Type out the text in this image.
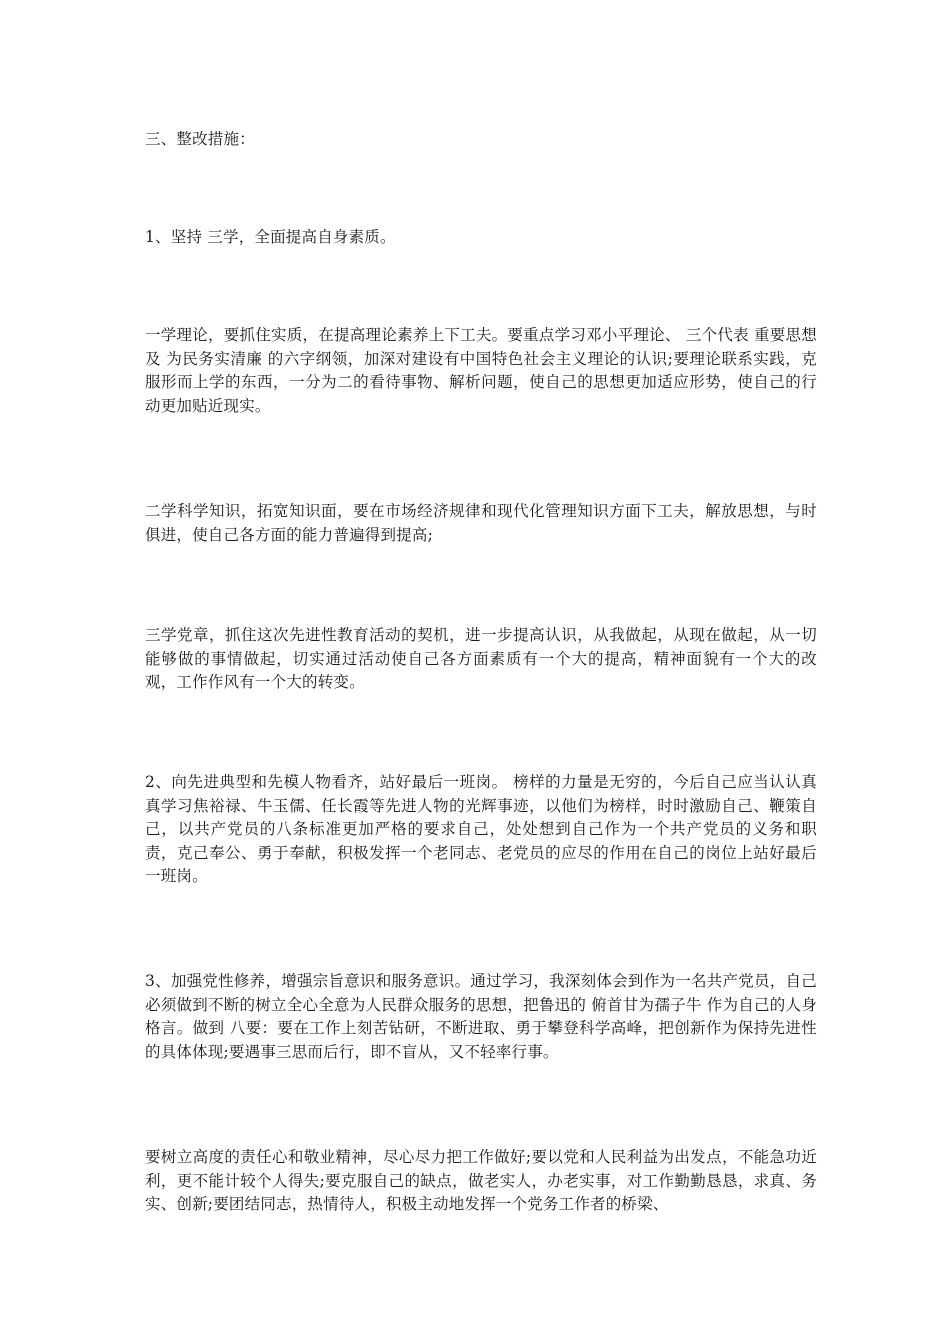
三、整改措施：
1、坚持 三学，全面提高自身素质。
一学理论，要抓住实质，在提高理论素养上下工夫。要重点学习邓小平理论、 三个代表 重要思想及 为民务实清廉 的六字纲领，加深对建设有中国特色社会主义理论的认识;要理论联系实践，克服形而上学的东西，一分为二的看待事物、解析问题，使自己的思想更加适应形势，使自己的行动更加贴近现实。
二学科学知识，拓宽知识面，要在市场经济规律和现代化管理知识方面下工夫，解放思想，与时俱进，使自己各方面的能力普遍得到提高;
三学党章，抓住这次先进性教育活动的契机，进一步提高认识，从我做起，从现在做起，从一切能够做的事情做起，切实通过活动使自己各方面素质有一个大的提高，精神面貌有一个大的改观，工作作风有一个大的转变。
2、向先进典型和先模人物看齐，站好最后一班岗。 榜样的力量是无穷的，今后自己应当认认真真学习焦裕禄、牛玉儒、任长霞等先进人物的光辉事迹，以他们为榜样，时时激励自己、鞭策自己，以共产党员的八条标准更加严格的要求自己，处处想到自己作为一个共产党员的义务和职责，克己奉公、勇于奉献，积极发挥一个老同志、老党员的应尽的作用在自己的岗位上站好最后一班岗。
3、加强党性修养，增强宗旨意识和服务意识。通过学习，我深刻体会到作为一名共产党员，自己必须做到不断的树立全心全意为人民群众服务的思想，把鲁迅的 俯首甘为孺子牛 作为自己的人身格言。做到 八要：要在工作上刻苦钻研，不断进取、勇于攀登科学高峰，把创新作为保持先进性的具体体现;要遇事三思而后行，即不盲从，又不轻率行事。
要树立高度的责任心和敬业精神，尽心尽力把工作做好;要以党和人民利益为出发点，不能急功近利，更不能计较个人得失;要克服自己的缺点，做老实人，办老实事，对工作勤勤恳恳，求真、务实、创新;要团结同志，热情待人，积极主动地发挥一个党务工作者的桥梁、
